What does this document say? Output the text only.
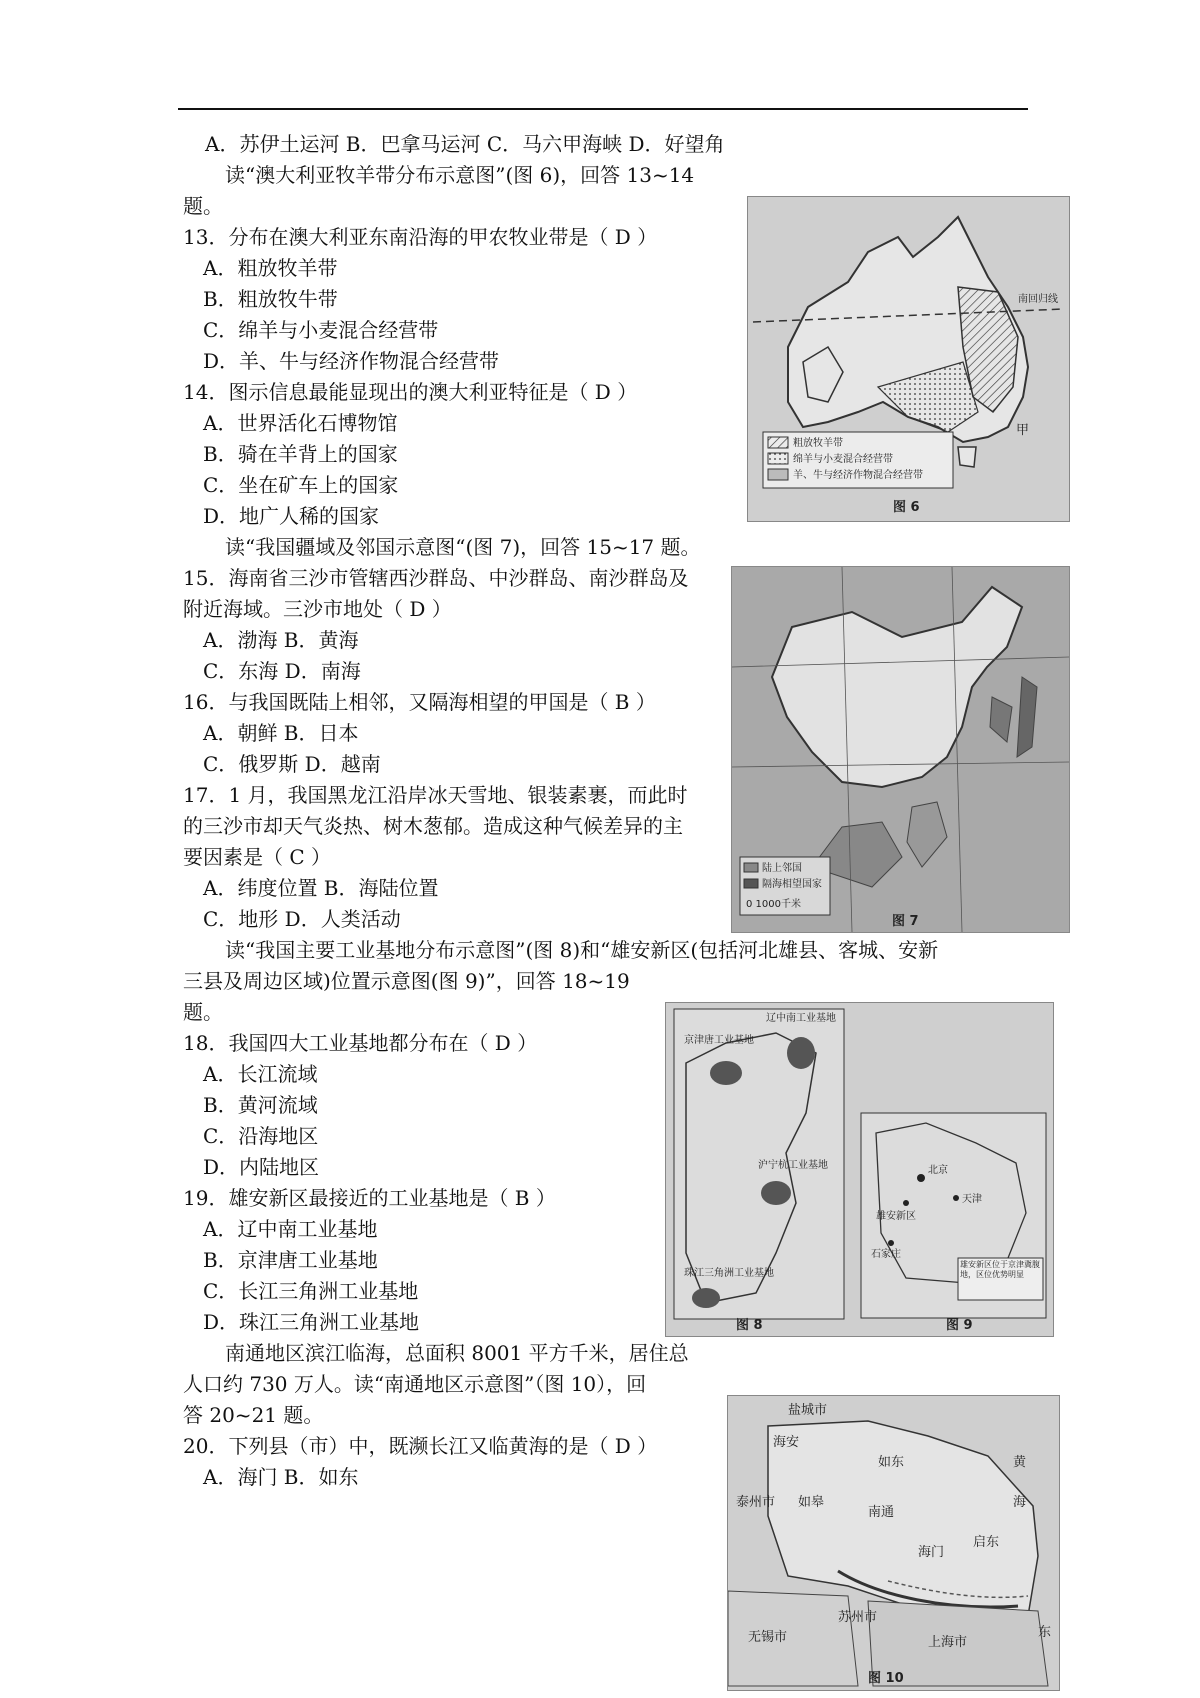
A．苏伊土运河 B．巴拿马运河 C．马六甲海峡 D．好望角
读“澳大利亚牧羊带分布示意图”(图 6)，回答 13~14
题。
13．分布在澳大利亚东南沿海的甲农牧业带是（ D ）
A．粗放牧羊带
B．粗放牧牛带
C．绵羊与小麦混合经营带
D．羊、牛与经济作物混合经营带
14．图示信息最能显现出的澳大利亚特征是（ D ）
A．世界活化石博物馆
B．骑在羊背上的国家
C．坐在矿车上的国家
D．地广人稀的国家
读“我国疆域及邻国示意图“(图 7)，回答 15~17 题。
15．海南省三沙市管辖西沙群岛、中沙群岛、南沙群岛及
附近海域。三沙市地处（ D ）
A．渤海 B．黄海
C．东海 D．南海
16．与我国既陆上相邻，又隔海相望的甲国是（ B ）
A．朝鲜 B．日本
C．俄罗斯 D．越南
17．1 月，我国黑龙江沿岸冰天雪地、银装素裹，而此时
的三沙市却天气炎热、树木葱郁。造成这种气候差异的主
要因素是（ C ）
A．纬度位置 B．海陆位置
C．地形 D．人类活动
读“我国主要工业基地分布示意图”(图 8)和“雄安新区(包括河北雄县、客城、安新
三县及周边区域)位置示意图(图 9)”，回答 18~19
题。
18．我国四大工业基地都分布在（ D ）
A．长江流域
B．黄河流域
C．沿海地区
D．内陆地区
19．雄安新区最接近的工业基地是（ B ）
A．辽中南工业基地
B．京津唐工业基地
C．长江三角洲工业基地
D．珠江三角洲工业基地
南通地区滨江临海，总面积 8001 平方千米，居住总
人口约 730 万人。读“南通地区示意图”（图 10），回
答 20~21 题。
20．下列县（市）中，既濒长江又临黄海的是（ D ）
A．海门 B．如东
南回归线
甲
粗放牧羊带
绵羊与小麦混合经营带
羊、牛与经济作物混合经营带
图 6
陆上邻国
隔海相望国家
0 1000千米
图 7
辽中南工业基地
京津唐工业基地
沪宁杭工业基地
珠江三角洲工业基地
图 8
北京
天津
雄安新区
石家庄
雄安新区位于京津冀腹地，区位优势明显
图 9
盐城市
海安
如皋
如东
泰州市
南通
海门
启东
苏州市
无锡市	上海市
黄
海
东
图 10
